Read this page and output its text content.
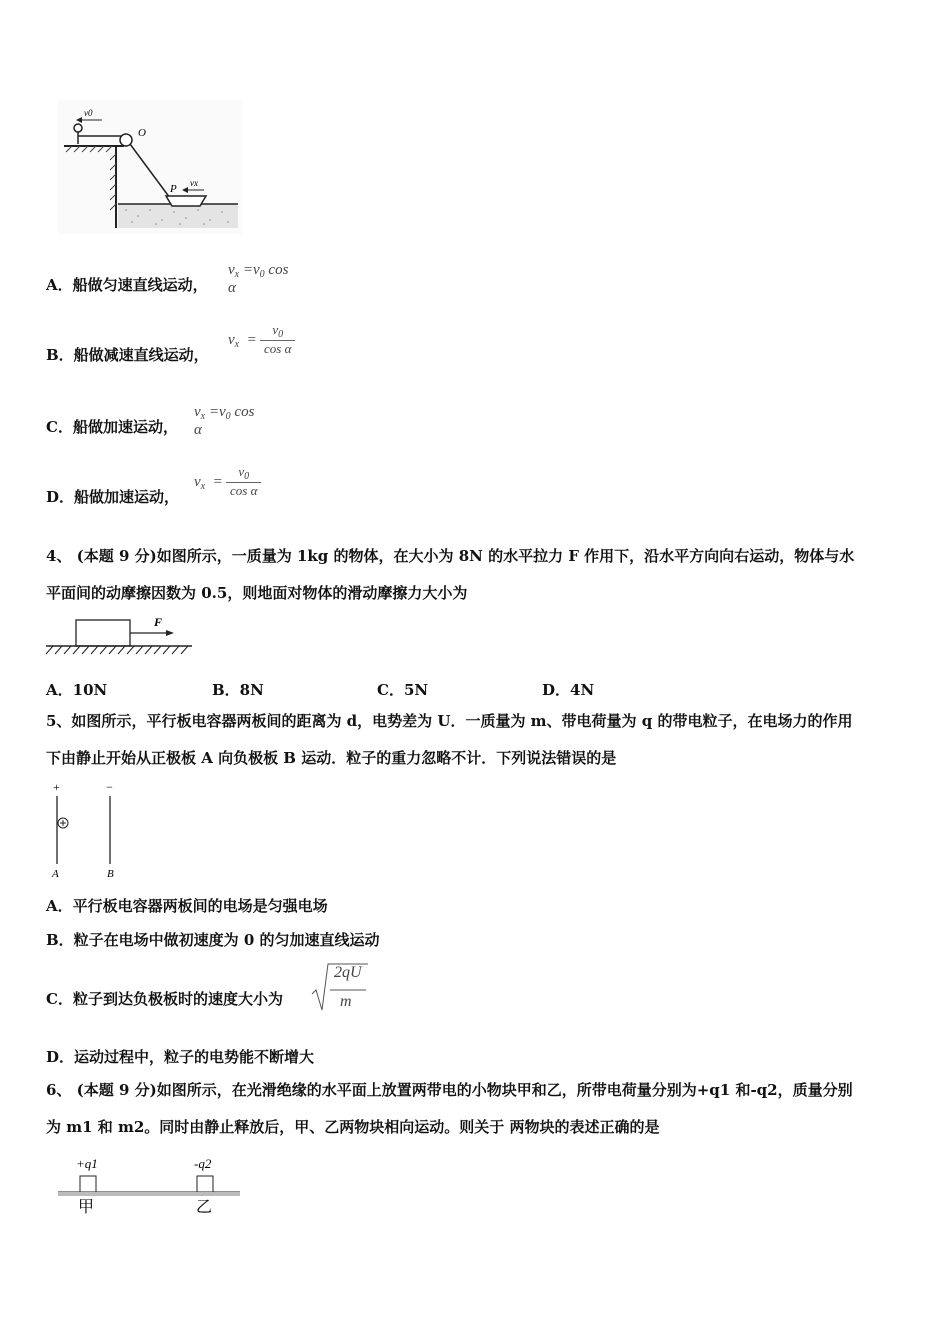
v0
O
P vx
A．船做匀速直线运动，
$v_x =v_0$ cos α
B．船做减速直线运动，
$v_x = \frac{v_0}{\text{cos α}}$
C．船做加速运动，
$v_x =v_0$ cos α
D．船做加速运动，
$v_x = \frac{v_0}{\text{cos α}}$
4、 (本题 9 分)如图所示，一质量为 1kg 的物体，在大小为 8N 的水平拉力 F 作用下，沿水平方向向右运动，物体与水
平面间的动摩擦因数为 0.5，则地面对物体的滑动摩擦力大小为
F
A．10N	B．8N	C．5N	D．4N
5、如图所示，平行板电容器两板间的距离为 d，电势差为 U．一质量为 m、带电荷量为 q 的带电粒子，在电场力的作用
下由静止开始从正极板 A 向负极板 B 运动．粒子的重力忽略不计．下列说法错误的是
+	−
A	B
A．平行板电容器两板间的电场是匀强电场
B．粒子在电场中做初速度为 0 的匀加速直线运动
C．粒子到达负极板时的速度大小为
2qU
m
D．运动过程中，粒子的电势能不断增大
6、 (本题 9 分)如图所示，在光滑绝缘的水平面上放置两带电的小物块甲和乙，所带电荷量分别为+q1 和-q2，质量分别
为 m1 和 m2。同时由静止释放后，甲、乙两物块相向运动。则关于 两物块的表述正确的是
+q1	-q2
甲	乙
